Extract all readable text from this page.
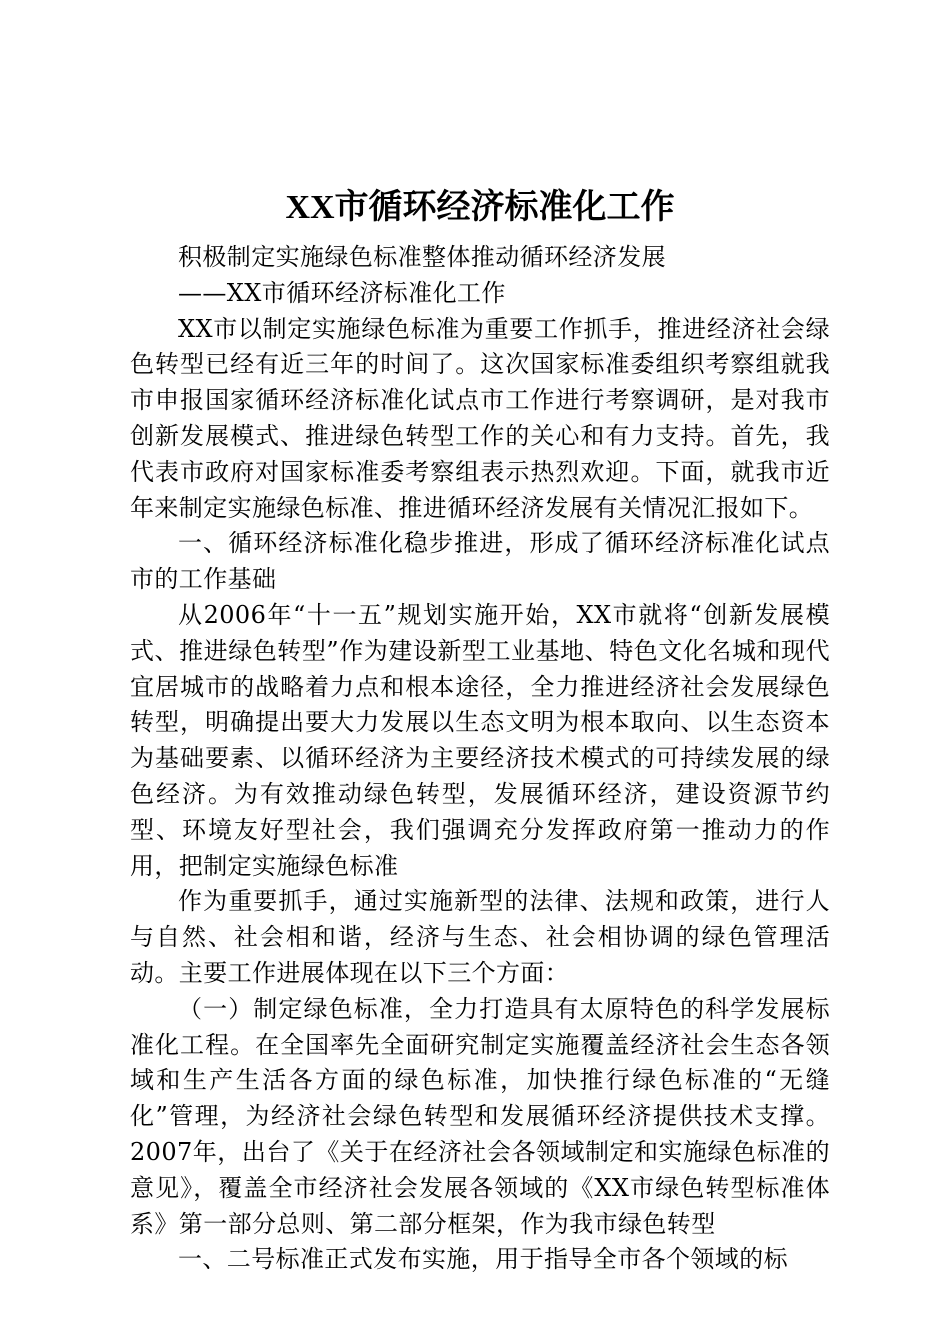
XX市循环经济标准化工作

积极制定实施绿色标准整体推动循环经济发展

——XX市循环经济标准化工作

XX市以制定实施绿色标准为重要工作抓手，推进经济社会绿色转型已经有近三年的时间了。这次国家标准委组织考察组就我市申报国家循环经济标准化试点市工作进行考察调研，是对我市创新发展模式、推进绿色转型工作的关心和有力支持。首先，我代表市政府对国家标准委考察组表示热烈欢迎。下面，就我市近年来制定实施绿色标准、推进循环经济发展有关情况汇报如下。

一、循环经济标准化稳步推进，形成了循环经济标准化试点市的工作基础

从2006年“十一五”规划实施开始，XX市就将“创新发展模式、推进绿色转型”作为建设新型工业基地、特色文化名城和现代宜居城市的战略着力点和根本途径，全力推进经济社会发展绿色转型，明确提出要大力发展以生态文明为根本取向、以生态资本为基础要素、以循环经济为主要经济技术模式的可持续发展的绿色经济。为有效推动绿色转型，发展循环经济，建设资源节约型、环境友好型社会，我们强调充分发挥政府第一推动力的作用，把制定实施绿色标准

作为重要抓手，通过实施新型的法律、法规和政策，进行人与自然、社会相和谐，经济与生态、社会相协调的绿色管理活动。主要工作进展体现在以下三个方面：

（一）制定绿色标准，全力打造具有太原特色的科学发展标准化工程。在全国率先全面研究制定实施覆盖经济社会生态各领域和生产生活各方面的绿色标准，加快推行绿色标准的“无缝化”管理，为经济社会绿色转型和发展循环经济提供技术支撑。2007年，出台了《关于在经济社会各领域制定和实施绿色标准的意见》，覆盖全市经济社会发展各领域的《XX市绿色转型标准体系》第一部分总则、第二部分框架，作为我市绿色转型

一、二号标准正式发布实施，用于指导全市各个领域的标
